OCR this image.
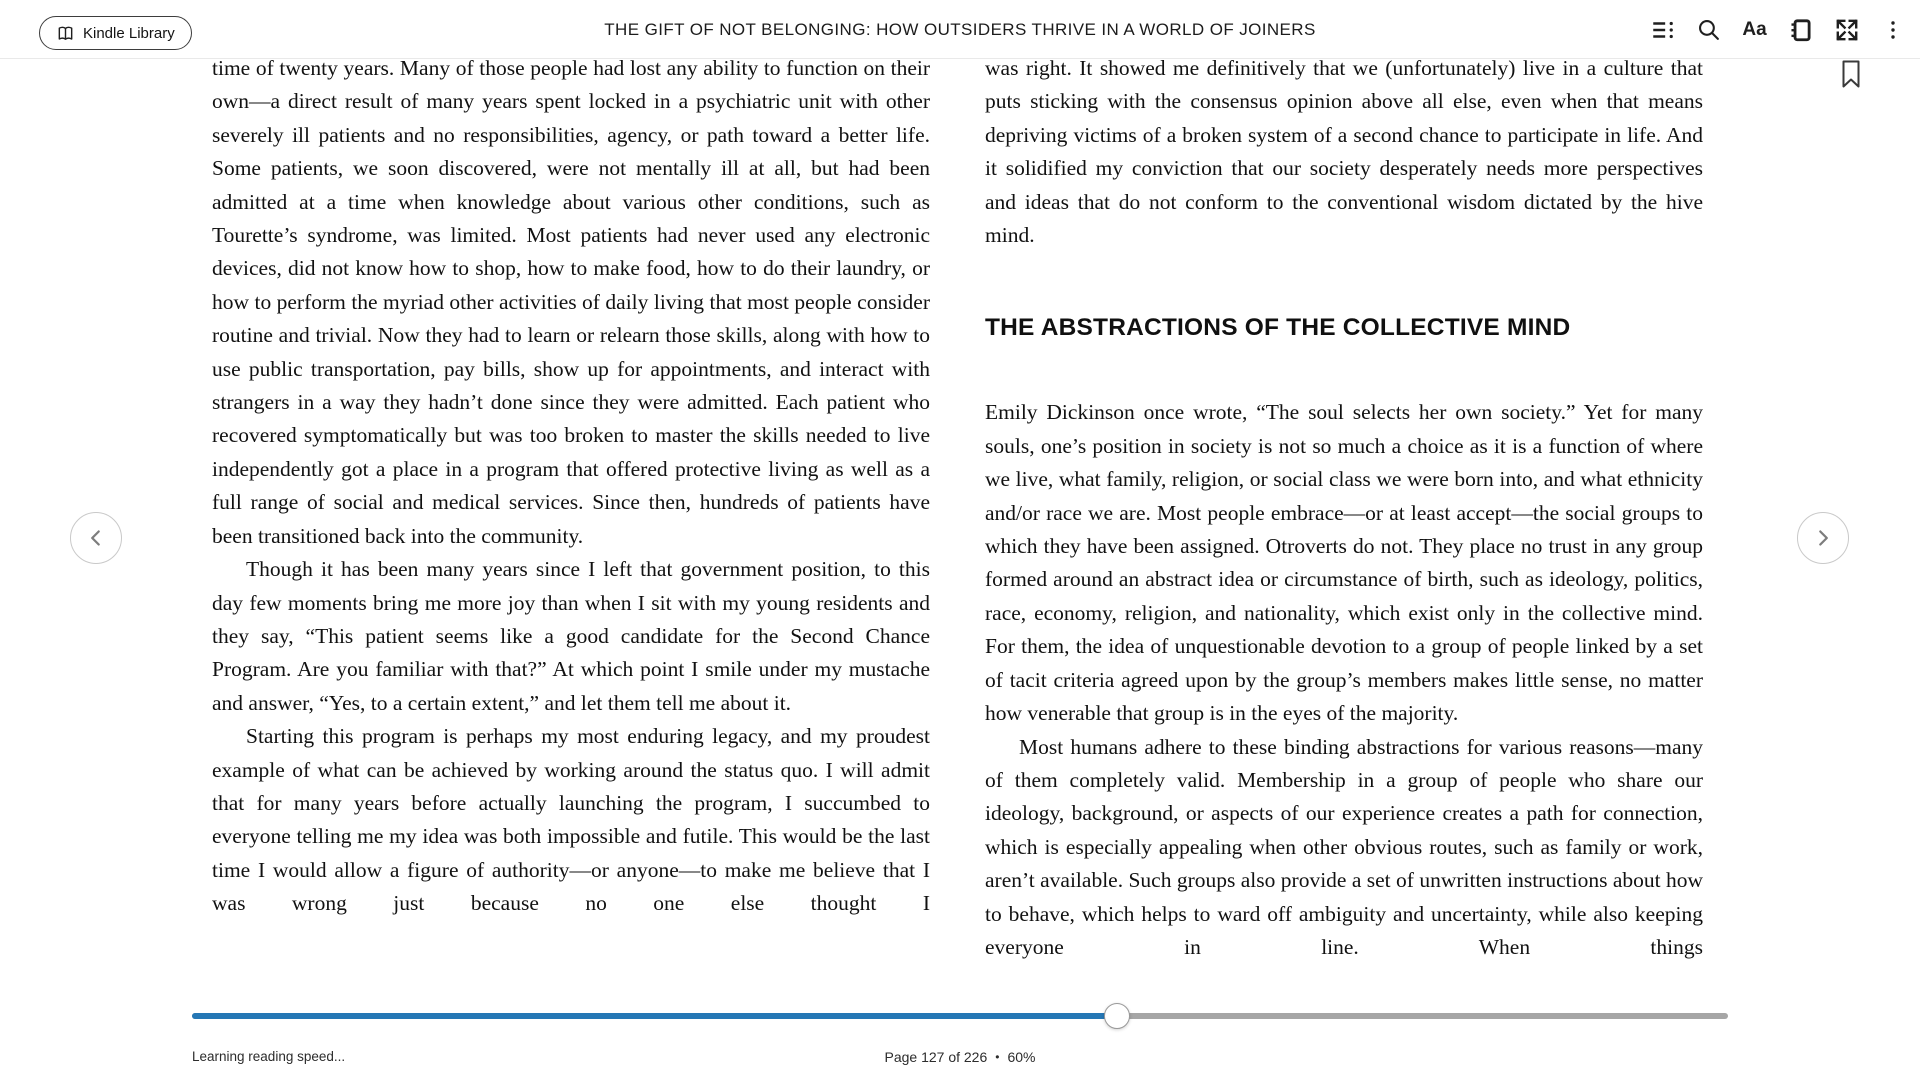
Kindle Library	THE GIFT OF NOT BELONGING: HOW OUTSIDERS THRIVE IN A WORLD OF JOINERS	Aa

time of twenty years. Many of those people had lost any ability to function on their own—a direct result of many years spent locked in a psychiatric unit with other severely ill patients and no responsibilities, agency, or path toward a better life. Some patients, we soon discovered, were not mentally ill at all, but had been admitted at a time when knowledge about various other conditions, such as Tourette’s syndrome, was limited. Most patients had never used any electronic devices, did not know how to shop, how to make food, how to do their laundry, or how to perform the myriad other activities of daily living that most people consider routine and trivial. Now they had to learn or relearn those skills, along with how to use public transportation, pay bills, show up for appointments, and interact with strangers in a way they hadn’t done since they were admitted. Each patient who recovered symptomatically but was too broken to master the skills needed to live independently got a place in a program that offered protective living as well as a full range of social and medical services. Since then, hundreds of patients have been transitioned back into the community.

Though it has been many years since I left that government position, to this day few moments bring me more joy than when I sit with my young residents and they say, “This patient seems like a good candidate for the Second Chance Program. Are you familiar with that?” At which point I smile under my mustache and answer, “Yes, to a certain extent,” and let them tell me about it.

Starting this program is perhaps my most enduring legacy, and my proudest example of what can be achieved by working around the status quo. I will admit that for many years before actually launching the program, I succumbed to everyone telling me my idea was both impossible and futile. This would be the last time I would allow a figure of authority—or anyone—to make me believe that I was wrong just because no one else thought I

was right. It showed me definitively that we (unfortunately) live in a culture that puts sticking with the consensus opinion above all else, even when that means depriving victims of a broken system of a second chance to participate in life. And it solidified my conviction that our society desperately needs more perspectives and ideas that do not conform to the conventional wisdom dictated by the hive mind.

THE ABSTRACTIONS OF THE COLLECTIVE MIND

Emily Dickinson once wrote, “The soul selects her own society.” Yet for many souls, one’s position in society is not so much a choice as it is a function of where we live, what family, religion, or social class we were born into, and what ethnicity and/or race we are. Most people embrace—or at least accept—the social groups to which they have been assigned. Otroverts do not. They place no trust in any group formed around an abstract idea or circumstance of birth, such as ideology, politics, race, economy, religion, and nationality, which exist only in the collective mind. For them, the idea of unquestionable devotion to a group of people linked by a set of tacit criteria agreed upon by the group’s members makes little sense, no matter how venerable that group is in the eyes of the majority.

Most humans adhere to these binding abstractions for various reasons—many of them completely valid. Membership in a group of people who share our ideology, background, or aspects of our experience creates a path for connection, which is especially appealing when other obvious routes, such as family or work, aren’t available. Such groups also provide a set of unwritten instructions about how to behave, which helps to ward off ambiguity and uncertainty, while also keeping everyone in line. When things

Learning reading speed...	Page 127 of 226 • 60%
